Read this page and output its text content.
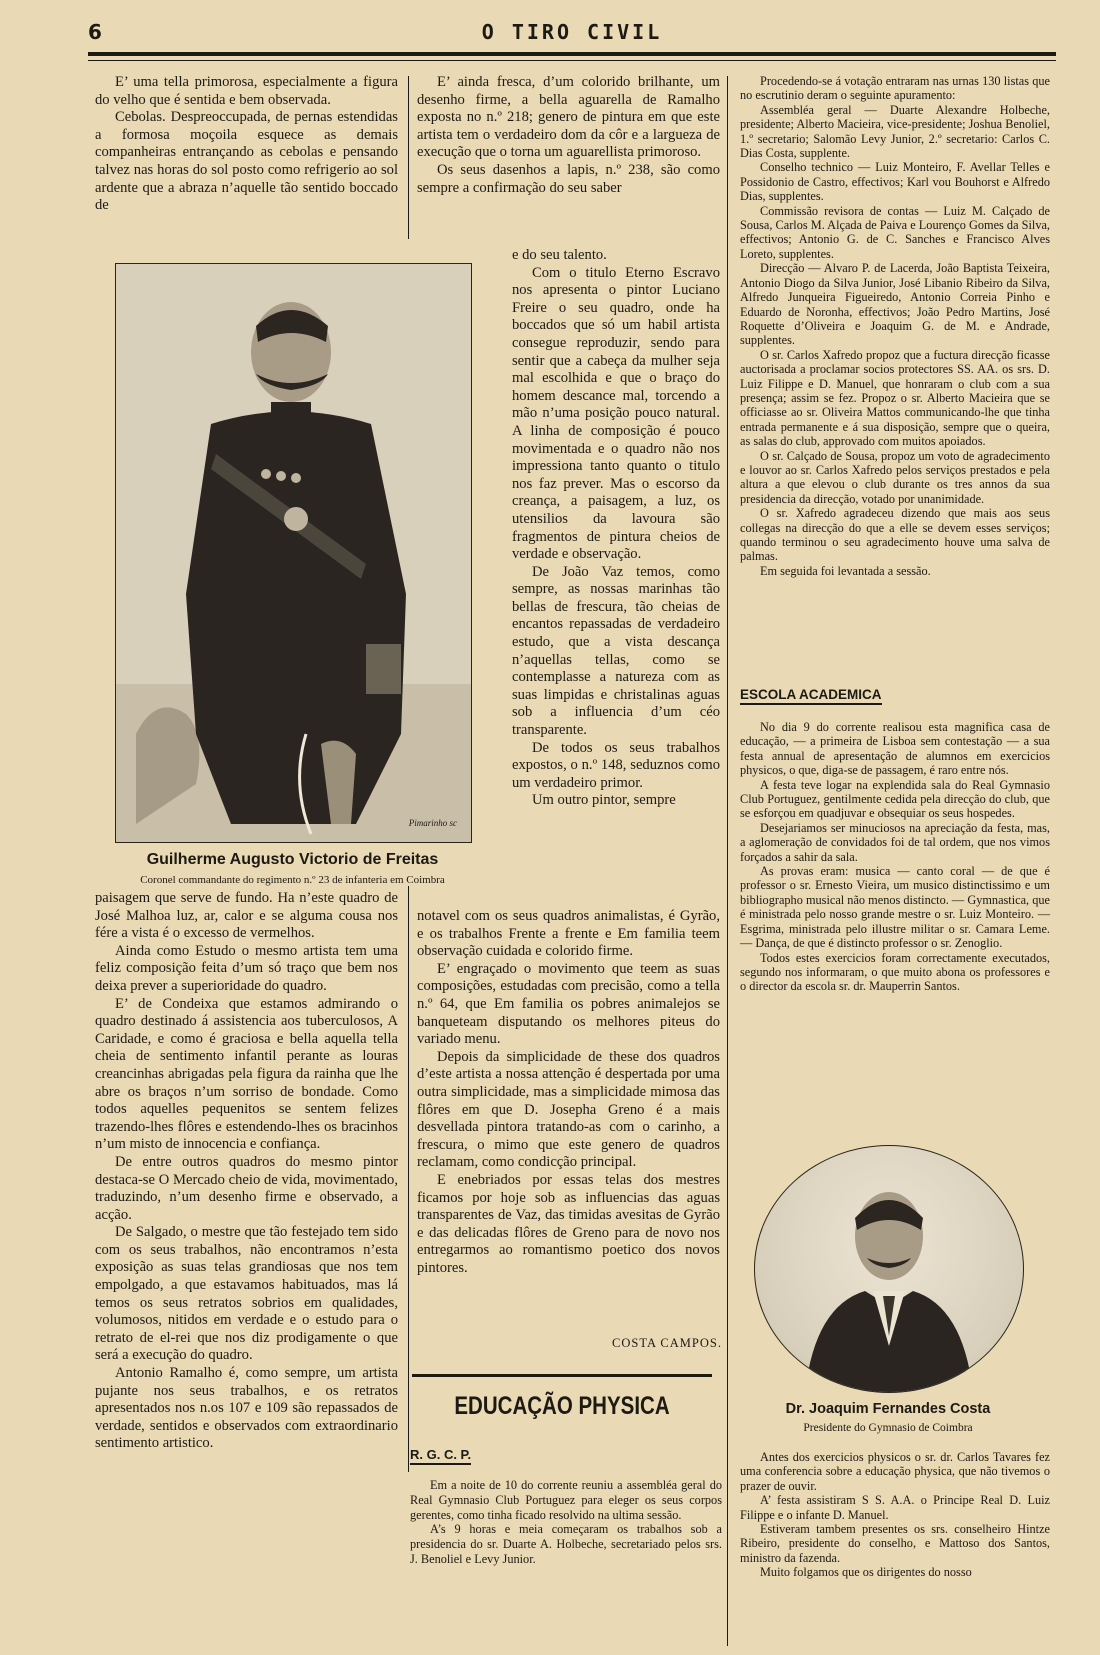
6	O TIRO CIVIL

E’ uma tella primorosa, especialmente a figura do velho que é sentida e bem observada.

Cebolas. Despreoccupada, de pernas estendidas a formosa moçoila esquece as demais companheiras entrançando as cebolas e pensando talvez nas horas do sol posto como refrigerio ao sol ardente que a abraza n’aquelle tão sentido boccado de

Pimarinho sc
Guilherme Augusto Victorio de Freitas
Coronel commandante do regimento n.º 23 de infanteria em Coimbra

paisagem que serve de fundo. Ha n’este quadro de José Malhoa luz, ar, calor e se alguma cousa nos fére a vista é o excesso de vermelhos.

Ainda como Estudo o mesmo artista tem uma feliz composição feita d’um só traço que bem nos deixa prever a superioridade do quadro.

E’ de Condeixa que estamos admirando o quadro destinado á assistencia aos tuberculosos, A Caridade, e como é graciosa e bella aquella tella cheia de sentimento infantil perante as louras creancinhas abrigadas pela figura da rainha que lhe abre os braços n’um sorriso de bondade. Como todos aquelles pequenitos se sentem felizes trazendo-lhes flôres e estendendo-lhes os bracinhos n’um misto de innocencia e confiança.

De entre outros quadros do mesmo pintor destaca-se O Mercado cheio de vida, movimentado, traduzindo, n’um desenho firme e observado, a acção.

De Salgado, o mestre que tão festejado tem sido com os seus trabalhos, não encontramos n’esta exposição as suas telas grandiosas que nos tem empolgado, a que estavamos habituados, mas lá temos os seus retratos sobrios em qualidades, volumosos, nitidos em verdade e o estudo para o retrato de el-rei que nos diz prodigamente o que será a execução do quadro.

Antonio Ramalho é, como sempre, um artista pujante nos seus trabalhos, e os retratos apresentados nos n.os 107 e 109 são repassados de verdade, sentidos e observados com extraordinario sentimento artistico.

E’ ainda fresca, d’um colorido brilhante, um desenho firme, a bella aguarella de Ramalho exposta no n.º 218; genero de pintura em que este artista tem o verdadeiro dom da côr e a largueza de execução que o torna um aguarellista primoroso.

Os seus dasenhos a lapis, n.º 238, são como sempre a confirmação do seu saber

e do seu talento.

Com o titulo Eterno Escravo nos apresenta o pintor Luciano Freire o seu quadro, onde ha boccados que só um habil artista consegue reproduzir, sendo para sentir que a cabeça da mulher seja mal escolhida e que o braço do homem descance mal, torcendo a mão n’uma posição pouco natural. A linha de composição é pouco movimentada e o quadro não nos impressiona tanto quanto o titulo nos faz prever. Mas o escorso da creança, a paisagem, a luz, os utensilios da lavoura são fragmentos de pintura cheios de verdade e observação.

De João Vaz temos, como sempre, as nossas marinhas tão bellas de frescura, tão cheias de encantos repassadas de verdadeiro estudo, que a vista descança n’aquellas tellas, como se contemplasse a natureza com as suas limpidas e christalinas aguas sob a influencia d’um céo transparente.

De todos os seus trabalhos expostos, o n.º 148, seduznos como um verdadeiro primor.

Um outro pintor, sempre

notavel com os seus quadros animalistas, é Gyrão, e os trabalhos Frente a frente e Em familia teem observação cuidada e colorido firme.

E’ engraçado o movimento que teem as suas composições, estudadas com precisão, como a tella n.º 64, que Em familia os pobres animalejos se banqueteam disputando os melhores piteus do variado menu.

Depois da simplicidade de these dos quadros d’este artista a nossa attenção é despertada por uma outra simplicidade, mas a simplicidade mimosa das flôres em que D. Josepha Greno é a mais desvellada pintora tratando-as com o carinho, a frescura, o mimo que este genero de quadros reclamam, como condicção principal.

E enebriados por essas telas dos mestres ficamos por hoje sob as influencias das aguas transparentes de Vaz, das timidas avesitas de Gyrão e das delicadas flôres de Greno para de novo nos entregarmos ao romantismo poetico dos novos pintores.

COSTA CAMPOS.
EDUCAÇÃO PHYSICA
R. G. C. P.

Em a noite de 10 do corrente reuniu a assembléa geral do Real Gymnasio Club Portuguez para eleger os seus corpos gerentes, como tinha ficado resolvido na ultima sessão.

A’s 9 horas e meia começaram os trabalhos sob a presidencia do sr. Duarte A. Holbeche, secretariado pelos srs. J. Benoliel e Levy Junior.

Procedendo-se á votação entraram nas urnas 130 listas que no escrutinio deram o seguinte apuramento:

Assembléa geral — Duarte Alexandre Holbeche, presidente; Alberto Macieira, vice-presidente; Joshua Benoliel, 1.º secretario; Salomão Levy Junior, 2.º secretario: Carlos C. Dias Costa, supplente.

Conselho technico — Luiz Monteiro, F. Avellar Telles e Possidonio de Castro, effectivos; Karl vou Bouhorst e Alfredo Dias, supplentes.

Commissão revisora de contas — Luiz M. Calçado de Sousa, Carlos M. Alçada de Paiva e Lourenço Gomes da Silva, effectivos; Antonio G. de C. Sanches e Francisco Alves Loreto, supplentes.

Direcção — Alvaro P. de Lacerda, João Baptista Teixeira, Antonio Diogo da Silva Junior, José Libanio Ribeiro da Silva, Alfredo Junqueira Figueiredo, Antonio Correia Pinho e Eduardo de Noronha, effectivos; João Pedro Martins, José Roquette d’Oliveira e Joaquim G. de M. e Andrade, supplentes.

O sr. Carlos Xafredo propoz que a fuctura direcção ficasse auctorisada a proclamar socios protectores SS. AA. os srs. D. Luiz Filippe e D. Manuel, que honraram o club com a sua presença; assim se fez. Propoz o sr. Alberto Macieira que se officiasse ao sr. Oliveira Mattos communicando-lhe que tinha entrada permanente e á sua disposição, sempre que o queira, as salas do club, approvado com muitos apoiados.

O sr. Calçado de Sousa, propoz um voto de agradecimento e louvor ao sr. Carlos Xafredo pelos serviços prestados e pela altura a que elevou o club durante os tres annos da sua presidencia da direcção, votado por unanimidade.

O sr. Xafredo agradeceu dizendo que mais aos seus collegas na direcção do que a elle se devem esses serviços; quando terminou o seu agradecimento houve uma salva de palmas.

Em seguida foi levantada a sessão.

ESCOLA ACADEMICA

No dia 9 do corrente realisou esta magnifica casa de educação, — a primeira de Lisboa sem contestação — a sua festa annual de apresentação de alumnos em exercicios physicos, o que, diga-se de passagem, é raro entre nós.

A festa teve logar na explendida sala do Real Gymnasio Club Portuguez, gentilmente cedida pela direcção do club, que se esforçou em quadjuvar e obsequiar os seus hospedes.

Desejariamos ser minuciosos na apreciação da festa, mas, a aglomeração de convidados foi de tal ordem, que nos vimos forçados a sahir da sala.

As provas eram: musica — canto coral — de que é professor o sr. Ernesto Vieira, um musico distinctissimo e um bibliographo musical não menos distincto. — Gymnastica, que é ministrada pelo nosso grande mestre o sr. Luiz Monteiro. — Esgrima, ministrada pelo illustre militar o sr. Camara Leme. — Dança, de que é distincto professor o sr. Zenoglio.

Todos estes exercicios foram correctamente executados, segundo nos informaram, o que muito abona os professores e o director da escola sr. dr. Mauperrin Santos.

Dr. Joaquim Fernandes Costa
Presidente do Gymnasio de Coimbra

Antes dos exercicios physicos o sr. dr. Carlos Tavares fez uma conferencia sobre a educação physica, que não tivemos o prazer de ouvir.

A’ festa assistiram S S. A.A. o Principe Real D. Luiz Filippe e o infante D. Manuel.

Estiveram tambem presentes os srs. conselheiro Hintze Ribeiro, presidente do conselho, e Mattoso dos Santos, ministro da fazenda.

Muito folgamos que os dirigentes do nosso
